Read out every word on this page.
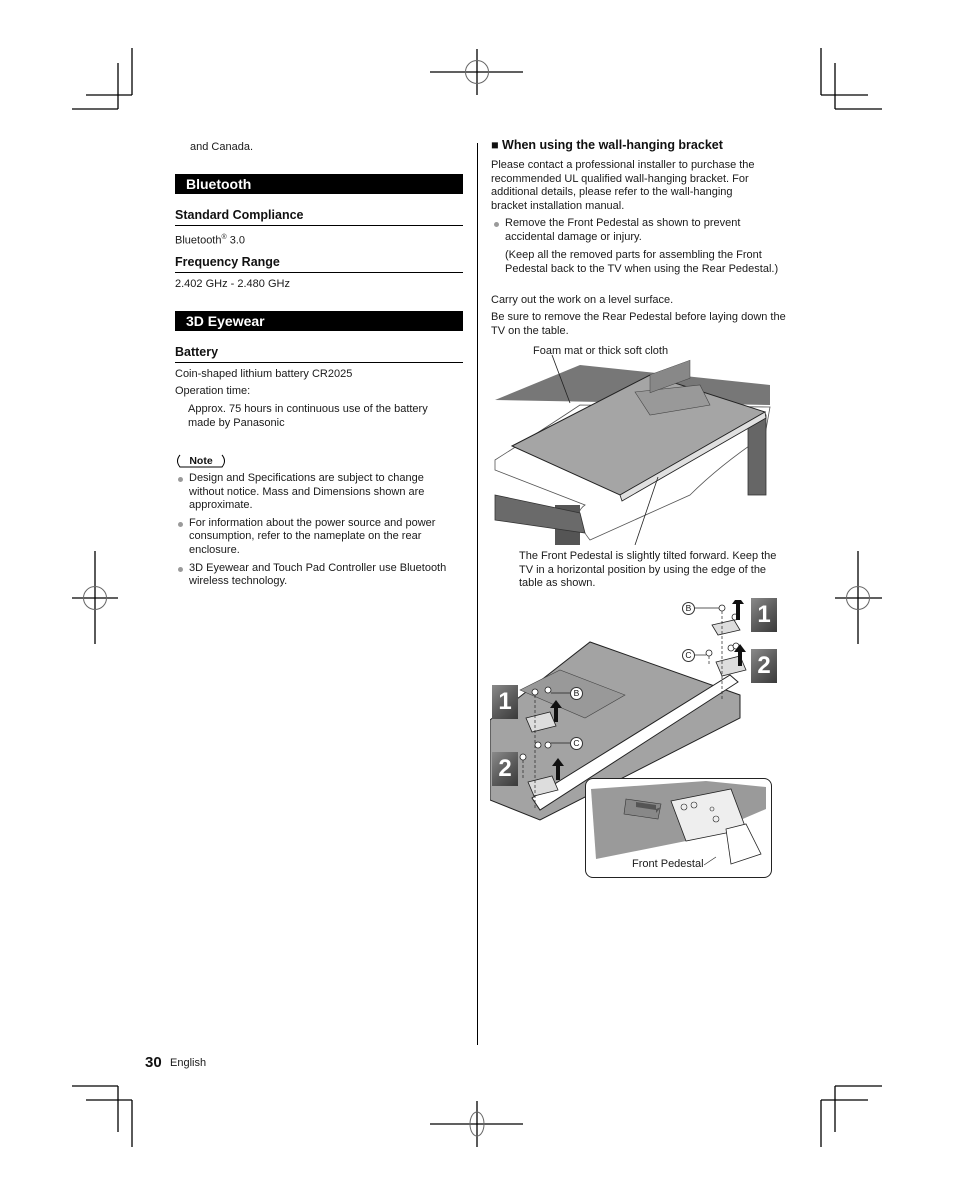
and Canada.
Bluetooth
Standard Compliance
Bluetooth® 3.0
Frequency Range
2.402 GHz - 2.480 GHz
3D Eyewear
Battery
Coin-shaped lithium battery CR2025
Operation time:
Approx. 75 hours in continuous use of the battery made by Panasonic
Note
Design and Specifications are subject to change without notice. Mass and Dimensions shown are approximate.
For information about the power source and power consumption, refer to the nameplate on the rear enclosure.
3D Eyewear and Touch Pad Controller use Bluetooth wireless technology.
■ When using the wall-hanging bracket
Please contact a professional installer to purchase the recommended UL qualified wall-hanging bracket. For additional details, please refer to the wall-hanging bracket installation manual.
Remove the Front Pedestal as shown to prevent accidental damage or injury.
(Keep all the removed parts for assembling the Front Pedestal back to the TV when using the Rear Pedestal.)
Carry out the work on a level surface.
Be sure to remove the Rear Pedestal before laying down the TV on the table.
Foam mat or thick soft cloth
The Front Pedestal is slightly tilted forward. Keep the TV in a horizontal position by using the edge of the table as shown.
1
2
1
2
B
C
B
C
Front Pedestal
30 English
